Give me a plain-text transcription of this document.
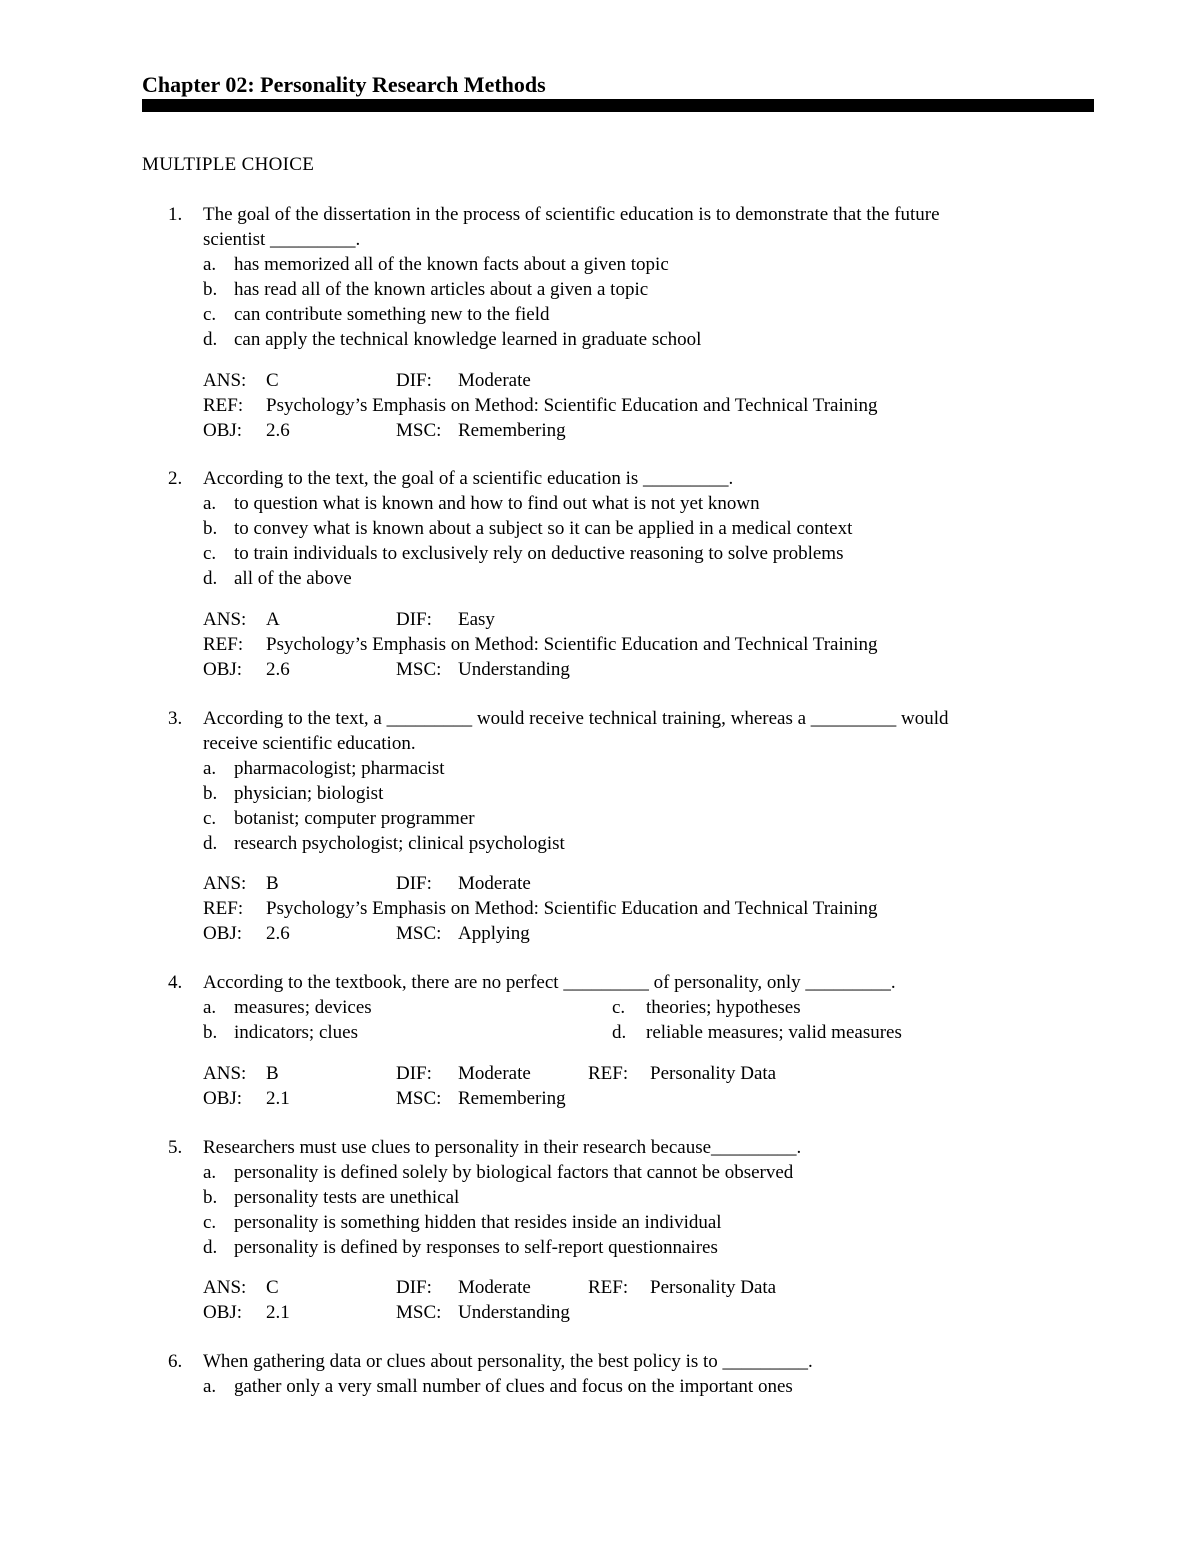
Chapter 02: Personality Research Methods
MULTIPLE CHOICE
1. The goal of the dissertation in the process of scientific education is to demonstrate that the future
scientist _________.
a. has memorized all of the known facts about a given topic
b. has read all of the known articles about a given a topic
c. can contribute something new to the field
d. can apply the technical knowledge learned in graduate school
ANS: C	DIF: Moderate
REF: Psychology’s Emphasis on Method: Scientific Education and Technical Training
OBJ: 2.6	MSC: Remembering
2. According to the text, the goal of a scientific education is _________.
a. to question what is known and how to find out what is not yet known
b. to convey what is known about a subject so it can be applied in a medical context
c. to train individuals to exclusively rely on deductive reasoning to solve problems
d. all of the above
ANS: A	DIF: Easy
REF: Psychology’s Emphasis on Method: Scientific Education and Technical Training
OBJ: 2.6	MSC: Understanding
3. According to the text, a _________ would receive technical training, whereas a _________ would
receive scientific education.
a. pharmacologist; pharmacist
b. physician; biologist
c. botanist; computer programmer
d. research psychologist; clinical psychologist
ANS: B	DIF: Moderate
REF: Psychology’s Emphasis on Method: Scientific Education and Technical Training
OBJ: 2.6	MSC: Applying
4. According to the textbook, there are no perfect _________ of personality, only _________.
a. measures; devices	c. theories; hypotheses
b. indicators; clues	d. reliable measures; valid measures
ANS: B	DIF: Moderate	REF: Personality Data
OBJ: 2.1	MSC: Remembering
5. Researchers must use clues to personality in their research because_________.
a. personality is defined solely by biological factors that cannot be observed
b. personality tests are unethical
c. personality is something hidden that resides inside an individual
d. personality is defined by responses to self-report questionnaires
ANS: C	DIF: Moderate	REF: Personality Data
OBJ: 2.1	MSC: Understanding
6. When gathering data or clues about personality, the best policy is to _________.
a. gather only a very small number of clues and focus on the important ones
